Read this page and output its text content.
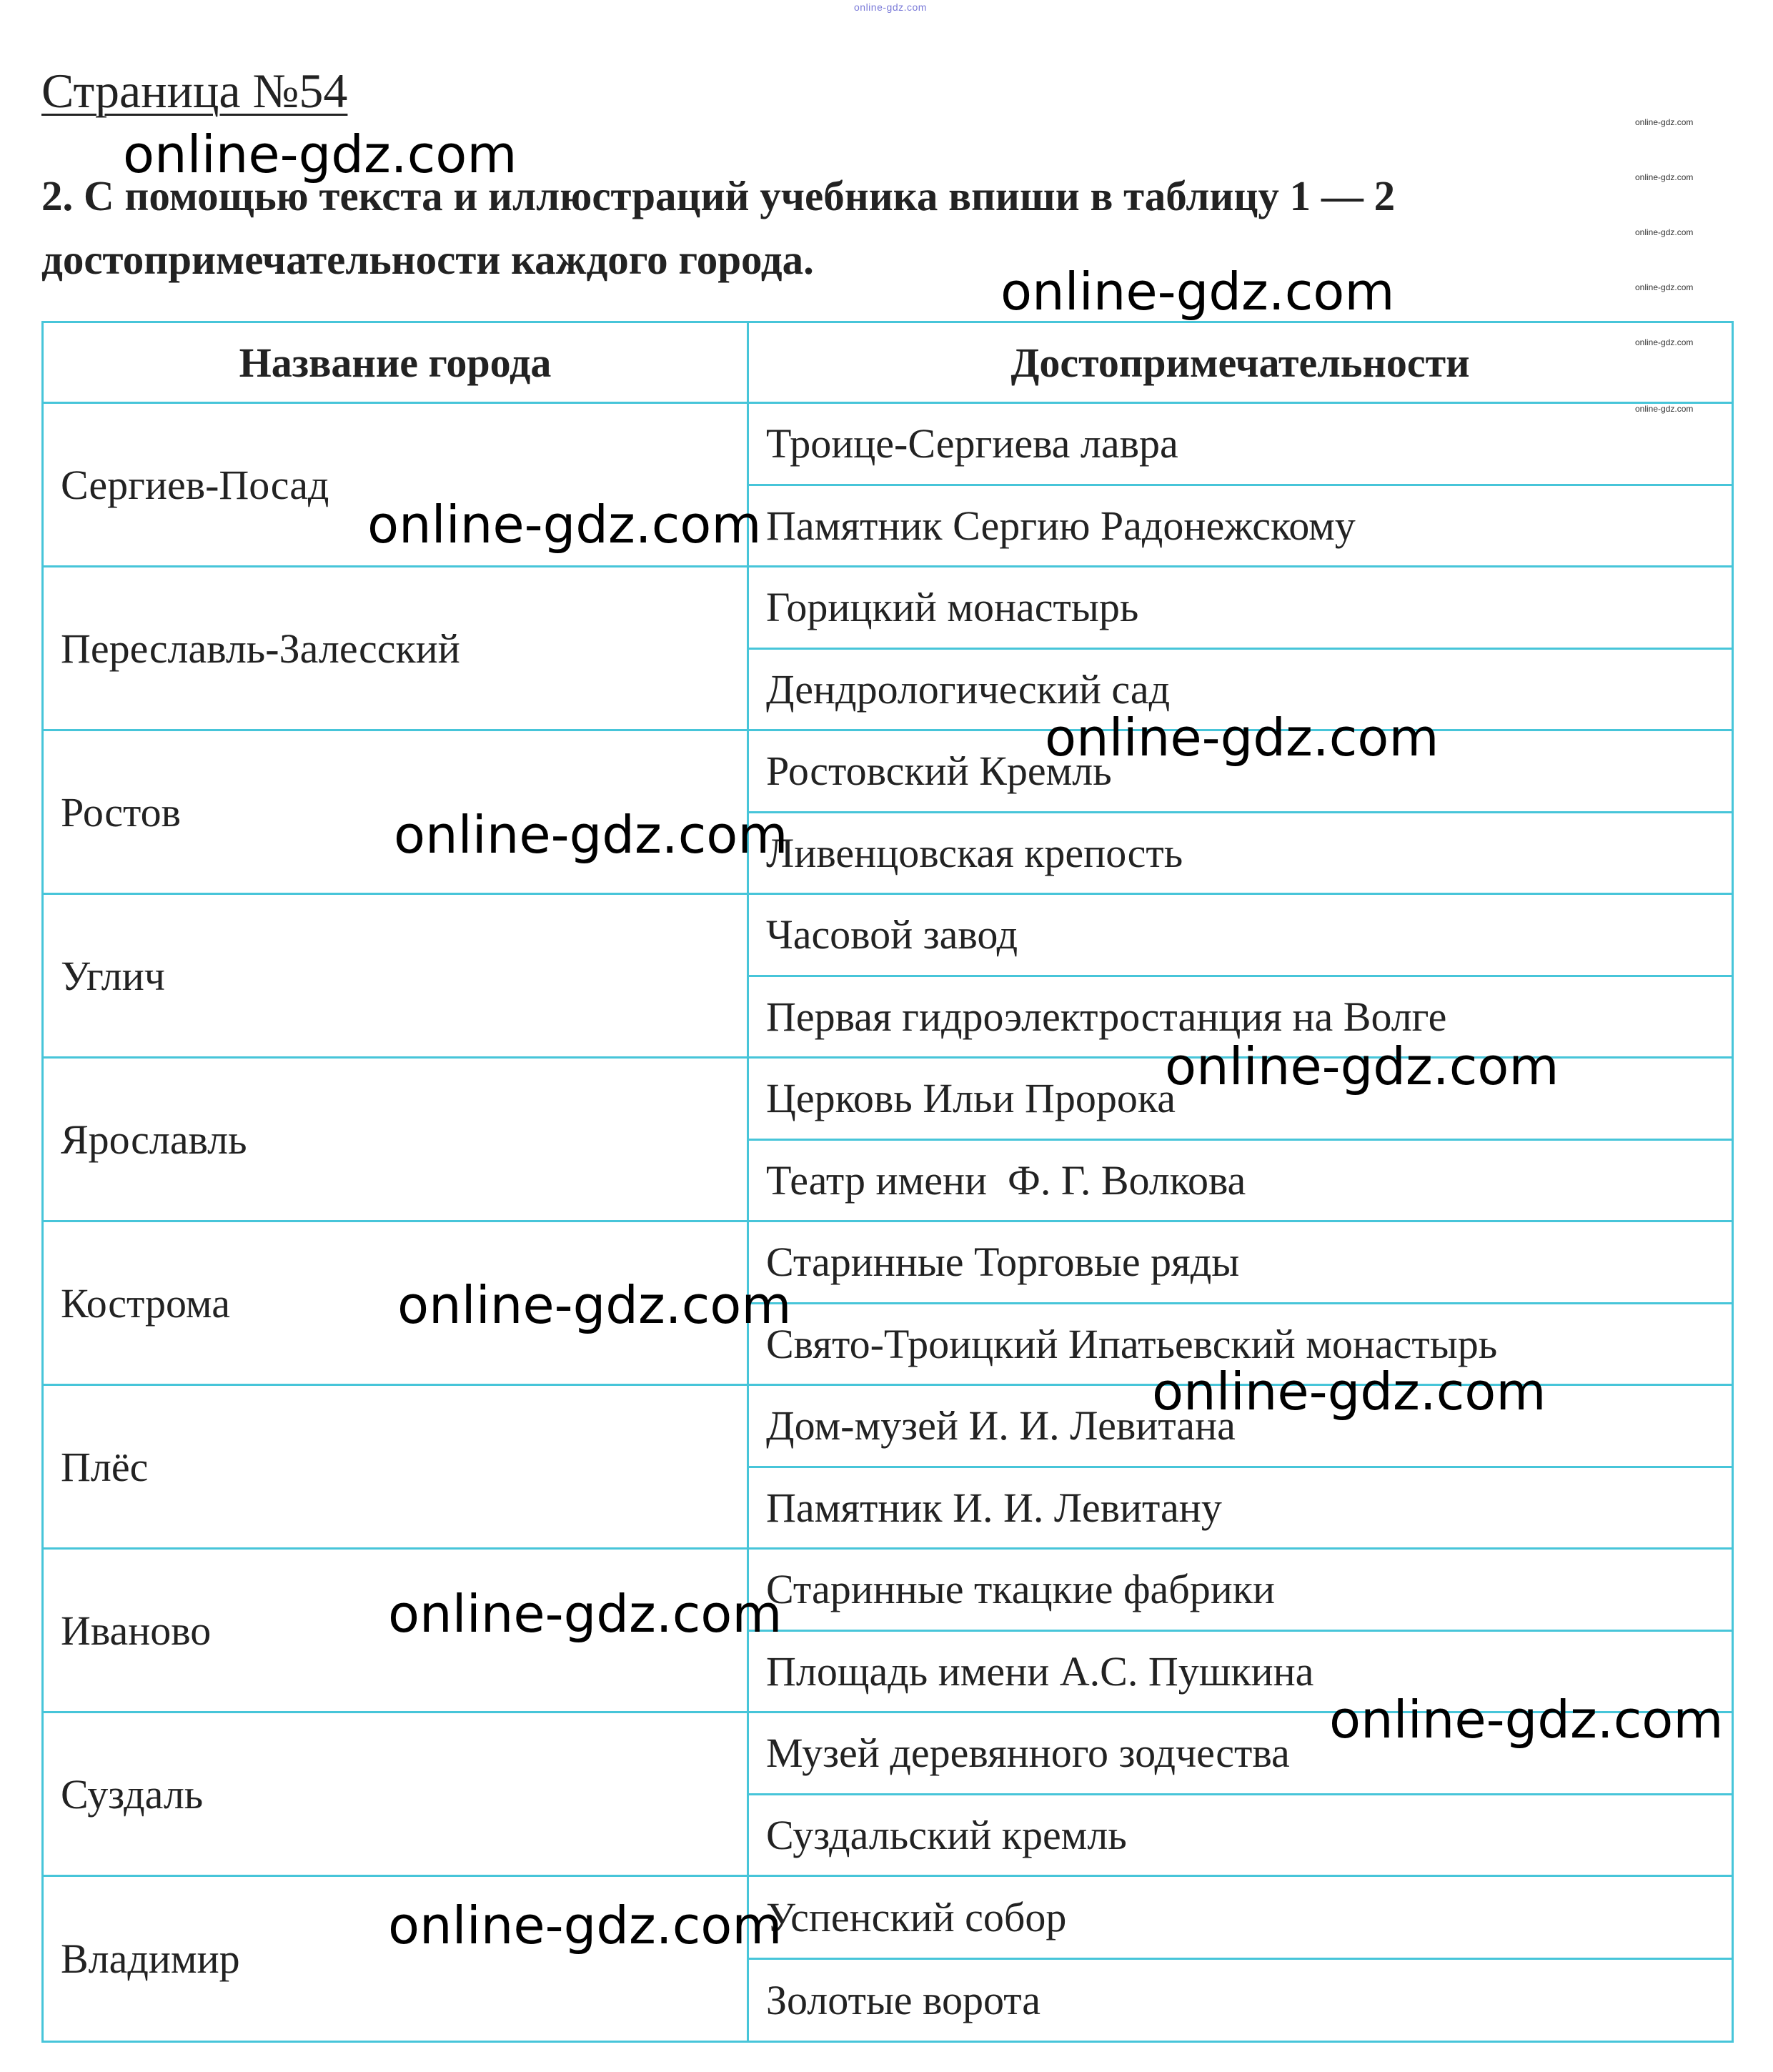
online-gdz.com
Страница №54
2. С помощью текста и иллюстраций учебника впиши в таблицу 1 — 2 достопримечательности каждого города.
Название города	Достопримечательности
Сергиев-Посад
Троице-Сергиева лавра
Памятник Сергию Радонежскому
Переславль-Залесский
Горицкий монастырь
Дендрологический сад
Ростов
Ростовский Кремль
Ливенцовская крепость
Углич
Часовой завод
Первая гидроэлектростанция на Волге
Ярославль
Церковь Ильи Пророка
Театр имени  Ф. Г. Волкова
Кострома
Старинные Торговые ряды
Свято-Троицкий Ипатьевский монастырь
Плёс
Дом-музей И. И. Левитана
Памятник И. И. Левитану
Иваново
Старинные ткацкие фабрики
Площадь имени А.С. Пушкина
Суздаль
Музей деревянного зодчества
Суздальский кремль
Владимир
Успенский собор
Золотые ворота
online-gdz.com
online-gdz.com
online-gdz.com
online-gdz.com
online-gdz.com
online-gdz.com
online-gdz.com
online-gdz.com
online-gdz.com
online-gdz.com
online-gdz.com
online-gdz.com
online-gdz.com
online-gdz.com
online-gdz.com
online-gdz.com
online-gdz.com
